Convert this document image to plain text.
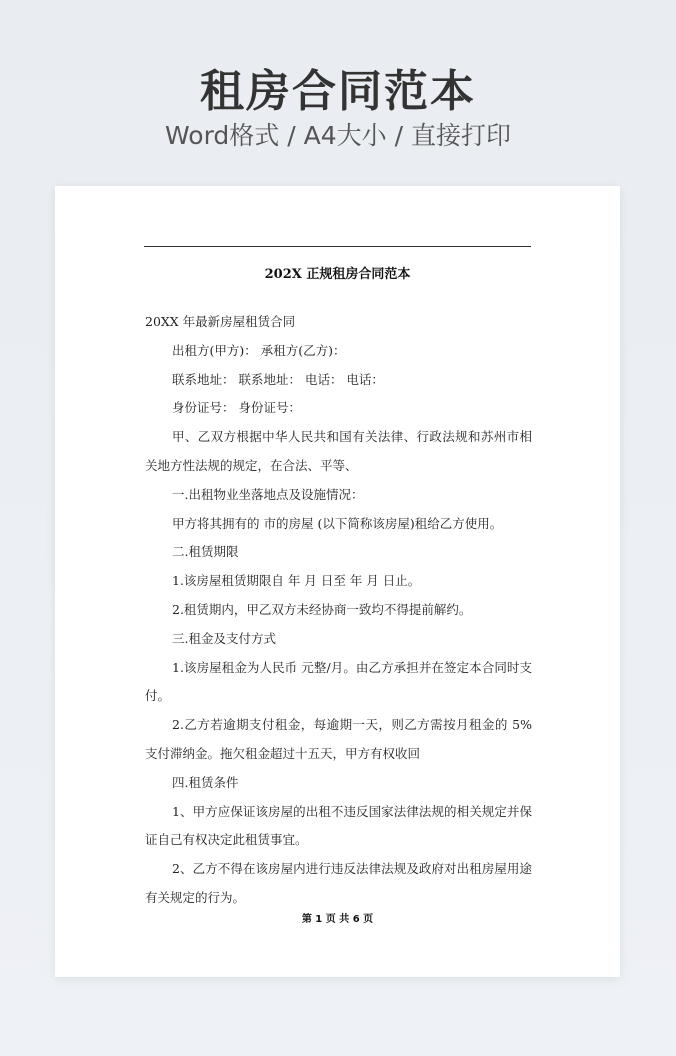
租房合同范本
Word格式 / A4大小 / 直接打印
202X 正规租房合同范本

20XX 年最新房屋租赁合同

出租方(甲方)： 承租方(乙方)：

联系地址： 联系地址： 电话： 电话：

身份证号： 身份证号：

甲、乙双方根据中华人民共和国有关法律、行政法规和苏州市相关地方性法规的规定，在合法、平等、

一.出租物业坐落地点及设施情况：

甲方将其拥有的 市的房屋 (以下简称该房屋)租给乙方使用。

二.租赁期限

1.该房屋租赁期限自 年 月 日至 年 月 日止。

2.租赁期内，甲乙双方未经协商一致均不得提前解约。

三.租金及支付方式

1.该房屋租金为人民币 元整/月。由乙方承担并在签定本合同时支付。

2.乙方若逾期支付租金，每逾期一天，则乙方需按月租金的 5%支付滞纳金。拖欠租金超过十五天，甲方有权收回

四.租赁条件

1、甲方应保证该房屋的出租不违反国家法律法规的相关规定并保证自己有权决定此租赁事宜。

2、乙方不得在该房屋内进行违反法律法规及政府对出租房屋用途有关规定的行为。

第 1 页 共 6 页
